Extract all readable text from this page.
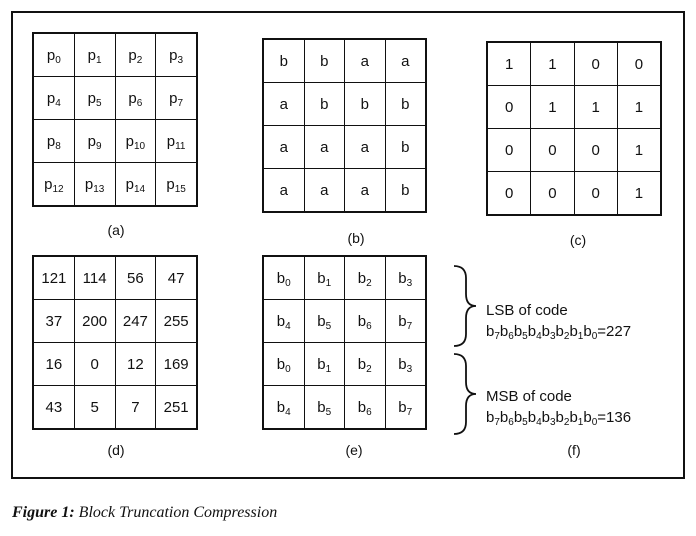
$p_0$	$p_1$	$p_2$	$p_3$
$p_4$	$p_5$	$p_6$	$p_7$
$p_8$	$p_9$	$p_{10}$	$p_{11}$
$p_{12}$	$p_{13}$	$p_{14}$	$p_{15}$
(a)
b	b	a	a
a	b	b	b
a	a	a	b
a	a	a	b
(b)
1	1	0	0
0	1	1	1
0	0	0	1
0	0	0	1
(c)
121	114	56	47
37	200	247	255
16	0	12	169
43	5	7	251
(d)
$b_0$	$b_1$	$b_2$	$b_3$
$b_4$	$b_5$	$b_6$	$b_7$
$b_0$	$b_1$	$b_2$	$b_3$
$b_4$	$b_5$	$b_6$	$b_7$
(e)
LSB of code
$b_7b_6b_5b_4b_3b_2b_1b_0=227$
MSB of code
$b_7b_6b_5b_4b_3b_2b_1b_0=136$
(f)
Figure 1: Block Truncation Compression
